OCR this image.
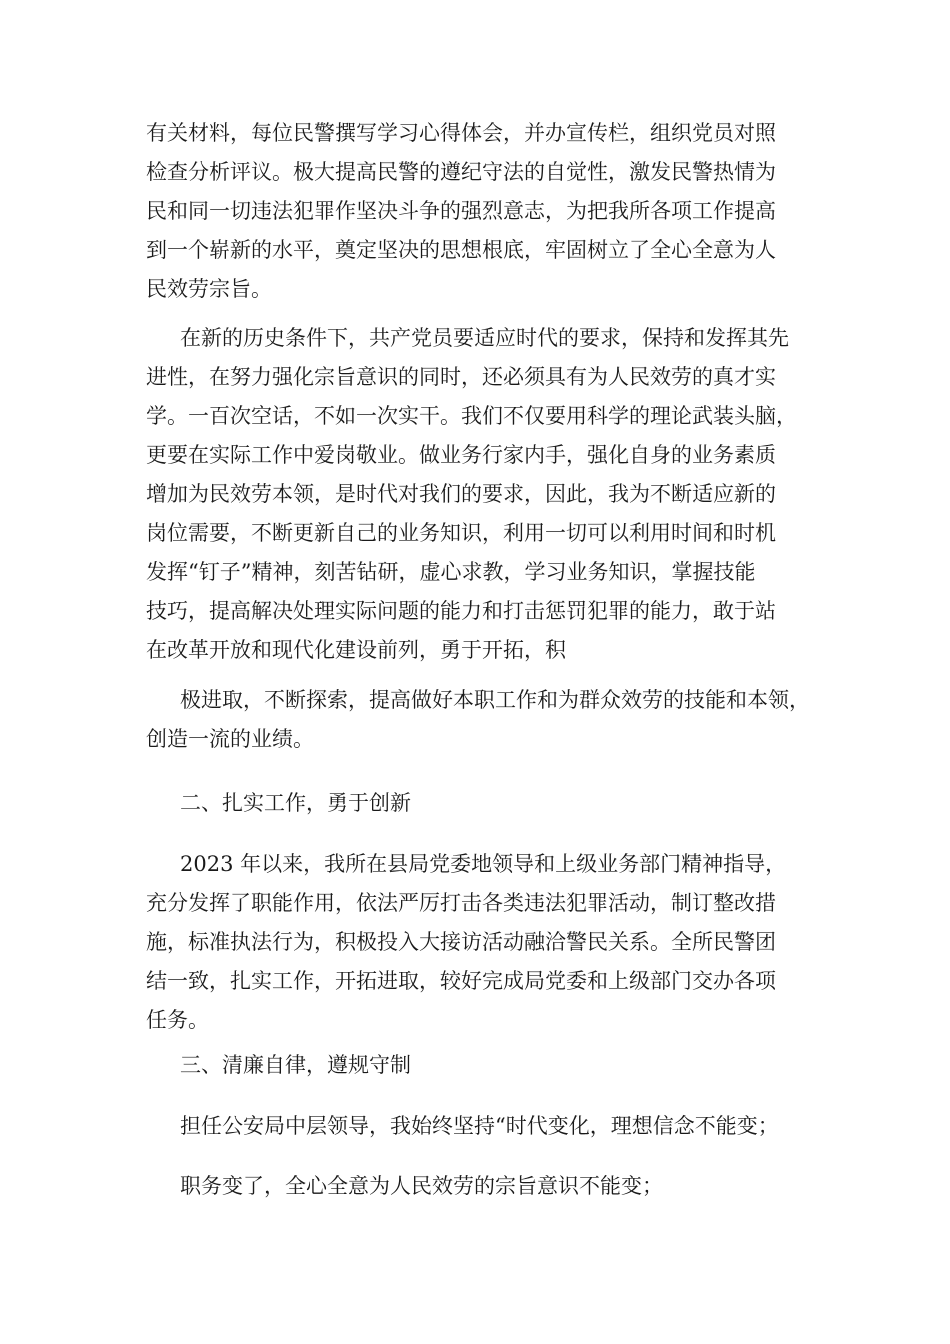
有关材料，每位民警撰写学习心得体会，并办宣传栏，组织党员对照
检查分析评议。极大提高民警的遵纪守法的自觉性，激发民警热情为
民和同一切违法犯罪作坚决斗争的强烈意志，为把我所各项工作提高
到一个崭新的水平，奠定坚决的思想根底，牢固树立了全心全意为人
民效劳宗旨。
在新的历史条件下，共产党员要适应时代的要求，保持和发挥其先
进性，在努力强化宗旨意识的同时，还必须具有为人民效劳的真才实
学。一百次空话，不如一次实干。我们不仅要用科学的理论武装头脑，
更要在实际工作中爱岗敬业。做业务行家内手，强化自身的业务素质
增加为民效劳本领，是时代对我们的要求，因此，我为不断适应新的
岗位需要，不断更新自己的业务知识，利用一切可以利用时间和时机
发挥“钉子”精神，刻苦钻研，虚心求教，学习业务知识，掌握技能
技巧，提高解决处理实际问题的能力和打击惩罚犯罪的能力，敢于站
在改革开放和现代化建设前列，勇于开拓，积
极进取，不断探索，提高做好本职工作和为群众效劳的技能和本领，
创造一流的业绩。
二、扎实工作，勇于创新
2023 年以来，我所在县局党委地领导和上级业务部门精神指导，
充分发挥了职能作用，依法严厉打击各类违法犯罪活动，制订整改措
施，标准执法行为，积极投入大接访活动融洽警民关系。全所民警团
结一致，扎实工作，开拓进取，较好完成局党委和上级部门交办各项
任务。
三、清廉自律，遵规守制
担任公安局中层领导，我始终坚持“时代变化，理想信念不能变；
职务变了，全心全意为人民效劳的宗旨意识不能变；
